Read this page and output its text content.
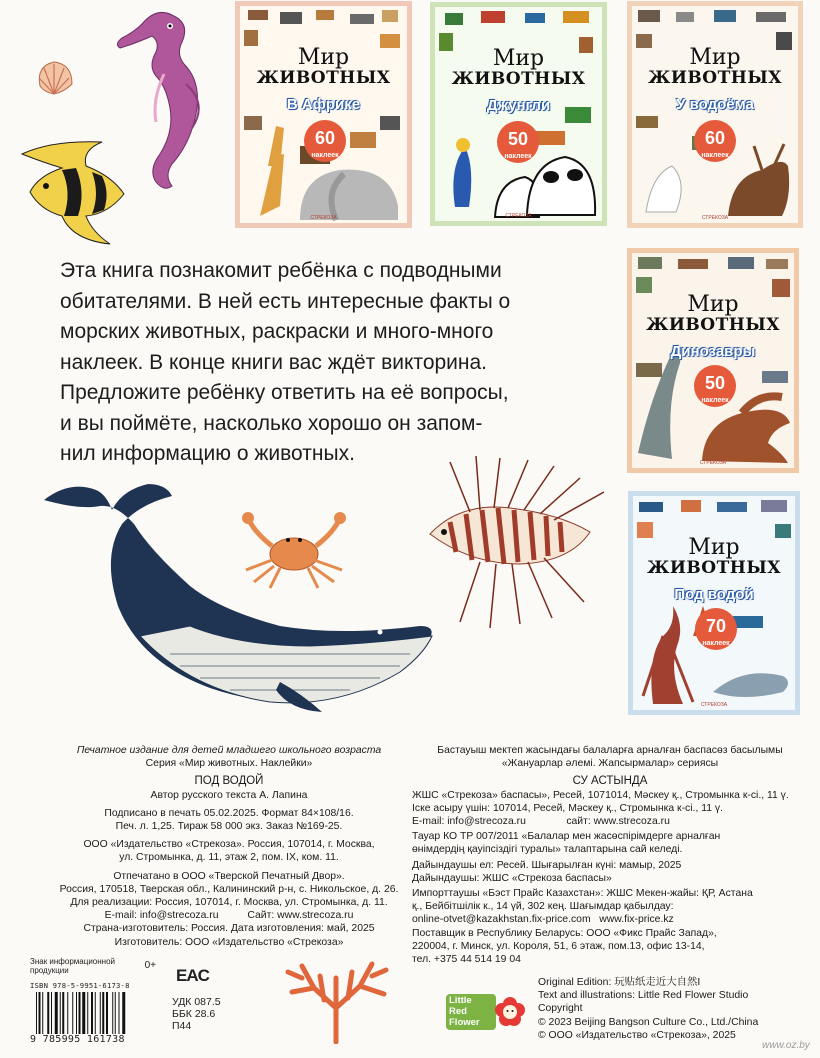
Мир
ЖИВОТНЫХ
В Африке
60
наклеек
СТРЕКОЗА
Мир
ЖИВОТНЫХ
Джунгли
50
наклеек
СТРЕКОЗА
Мир
ЖИВОТНЫХ
У водоёма
60
наклеек
СТРЕКОЗА
Мир
ЖИВОТНЫХ
Динозавры
50
наклеек
СТРЕКОЗА
Мир
ЖИВОТНЫХ
Под водой
70
наклеек
СТРЕКОЗА
Эта книга познакомит ребёнка с подводными
обитателями. В ней есть интересные факты о
морских животных, раскраски и много-много
наклеек. В конце книги вас ждёт викторина.
Предложите ребёнку ответить на её вопросы,
и вы поймёте, насколько хорошо он запом-
нил информацию о животных.
Печатное издание для детей младшего школьного возраста
Серия «Мир животных. Наклейки»
ПОД ВОДОЙ
Автор русского текста А. Лапина
Подписано в печать 05.02.2025. Формат 84×108/16.
Печ. л. 1,25. Тираж 58 000 экз. Заказ №169-25.
ООО «Издательство «Стрекоза». Россия, 107014, г. Москва,
ул. Стромынка, д. 11, этаж 2, пом. IX, ком. 11.
Отпечатано в ООО «Тверской Печатный Двор».
Россия, 170518, Тверская обл., Калининский р-н, с. Никольское, д. 26.
Для реализации: Россия, 107014, г. Москва, ул. Стромынка, д. 11.
E-mail: info@strecoza.ru          Сайт: www.strecoza.ru
Страна-изготовитель: Россия. Дата изготовления: май, 2025
Изготовитель: ООО «Издательство «Стрекоза»
Бастауыш мектеп жасындағы балаларға арналған баспасөз басылымы
«Жануарлар әлемі. Жапсырмалар» сериясы
СУ АСТЫНДА
ЖШС «Стрекоза» баспасы», Ресей, 1071014, Мәскеу қ., Стромынка к-сі., 11 ү.
Іске асыру үшін: 107014, Ресей, Мәскеу қ., Стромынка к-сі., 11 ү.
E-mail: info@strecoza.ru              сайт: www.strecoza.ru
Тауар КО ТР 007/2011 «Балалар мен жасөспірімдерге арналған
өнімдердің қауіпсіздігі туралы» талаптарына сай келеді.
Дайындаушы ел: Ресей. Шығарылған күні: мамыр, 2025
Дайындаушы: ЖШС «Стрекоза баспасы»
Импорттаушы «Бэст Прайс Казахстан»: ЖШС Мекен-жайы: ҚР, Астана
қ., Бейбітшілік к., 14 үй, 302 кең. Шағымдар қабылдау:
online-otvet@kazakhstan.fix-price.com   www.fix-price.kz
Поставщик в Республику Беларусь: ООО «Фикс Прайс Запад»,
220004, г. Минск, ул. Короля, 51, 6 этаж, пом.13, офис 13-14,
тел. +375 44 514 19 04
Знак информационной продукции	0+
ISBN 978-5-9951-6173-8
9 785995 161738
EAC
УДК 087.5
ББК 28.6
П44
Little
Red
Flower
Original Edition: 玩贴纸走近大自然I
Text and illustrations: Little Red Flower Studio
Copyright
© 2023 Beijing Bangson Culture Co., Ltd./China
© ООО «Издательство «Стрекоза», 2025
www.oz.by
